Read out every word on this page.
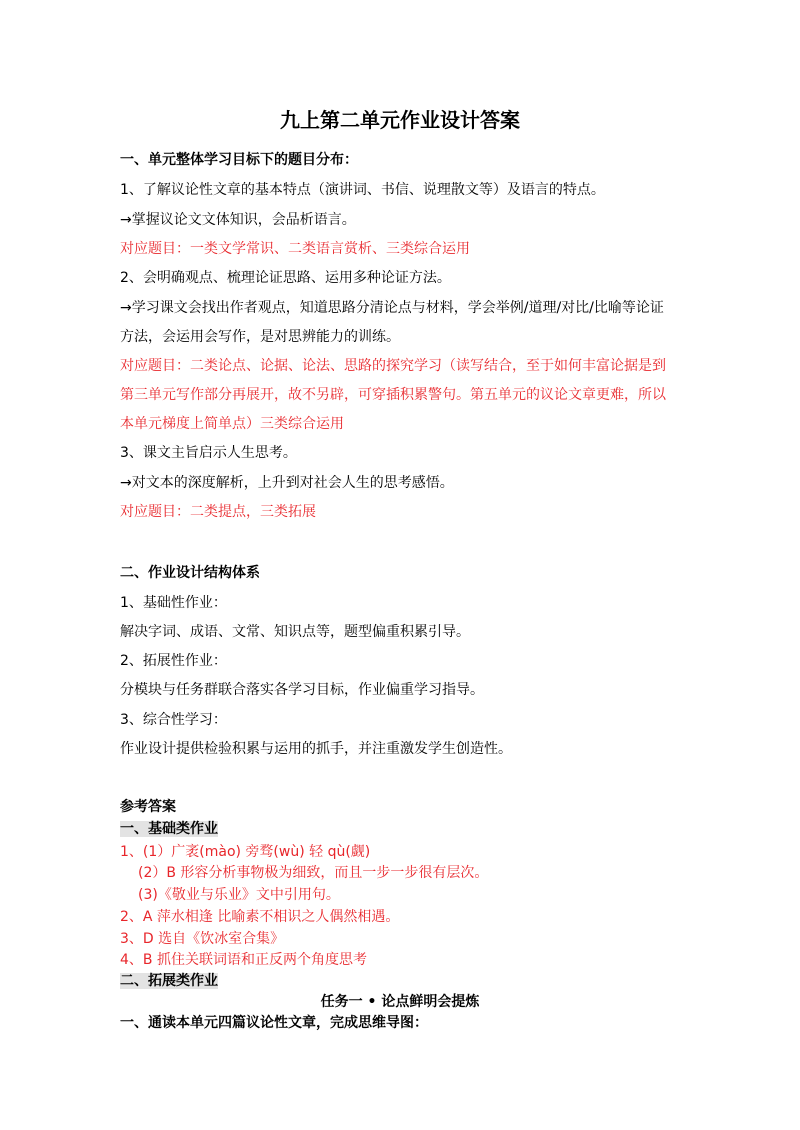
九上第二单元作业设计答案
一、单元整体学习目标下的题目分布：
1、了解议论性文章的基本特点（演讲词、书信、说理散文等）及语言的特点。
→掌握议论文文体知识，会品析语言。
对应题目：一类文学常识、二类语言赏析、三类综合运用
2、会明确观点、梳理论证思路、运用多种论证方法。
→学习课文会找出作者观点，知道思路分清论点与材料，学会举例/道理/对比/比喻等论证
方法，会运用会写作，是对思辨能力的训练。
对应题目：二类论点、论据、论法、思路的探究学习（读写结合，至于如何丰富论据是到
第三单元写作部分再展开，故不另辟，可穿插积累警句。第五单元的议论文章更难，所以
本单元梯度上简单点）三类综合运用
3、课文主旨启示人生思考。
→对文本的深度解析，上升到对社会人生的思考感悟。
对应题目：二类提点，三类拓展
二、作业设计结构体系
1、基础性作业：
解决字词、成语、文常、知识点等，题型偏重积累引导。
2、拓展性作业：
分模块与任务群联合落实各学习目标，作业偏重学习指导。
3、综合性学习：
作业设计提供检验积累与运用的抓手，并注重激发学生创造性。
参考答案
一、基础类作业
1、(1）广袤(mào) 旁骛(wù) 轻 qù(觑)
(2）B 形容分析事物极为细致，而且一步一步很有层次。
(3)《敬业与乐业》文中引用句。
2、A 萍水相逢 比喻素不相识之人偶然相遇。
3、D 选自《饮冰室合集》
4、B 抓住关联词语和正反两个角度思考
二、拓展类作业
任务一 • 论点鲜明会提炼
一、通读本单元四篇议论性文章，完成思维导图：
